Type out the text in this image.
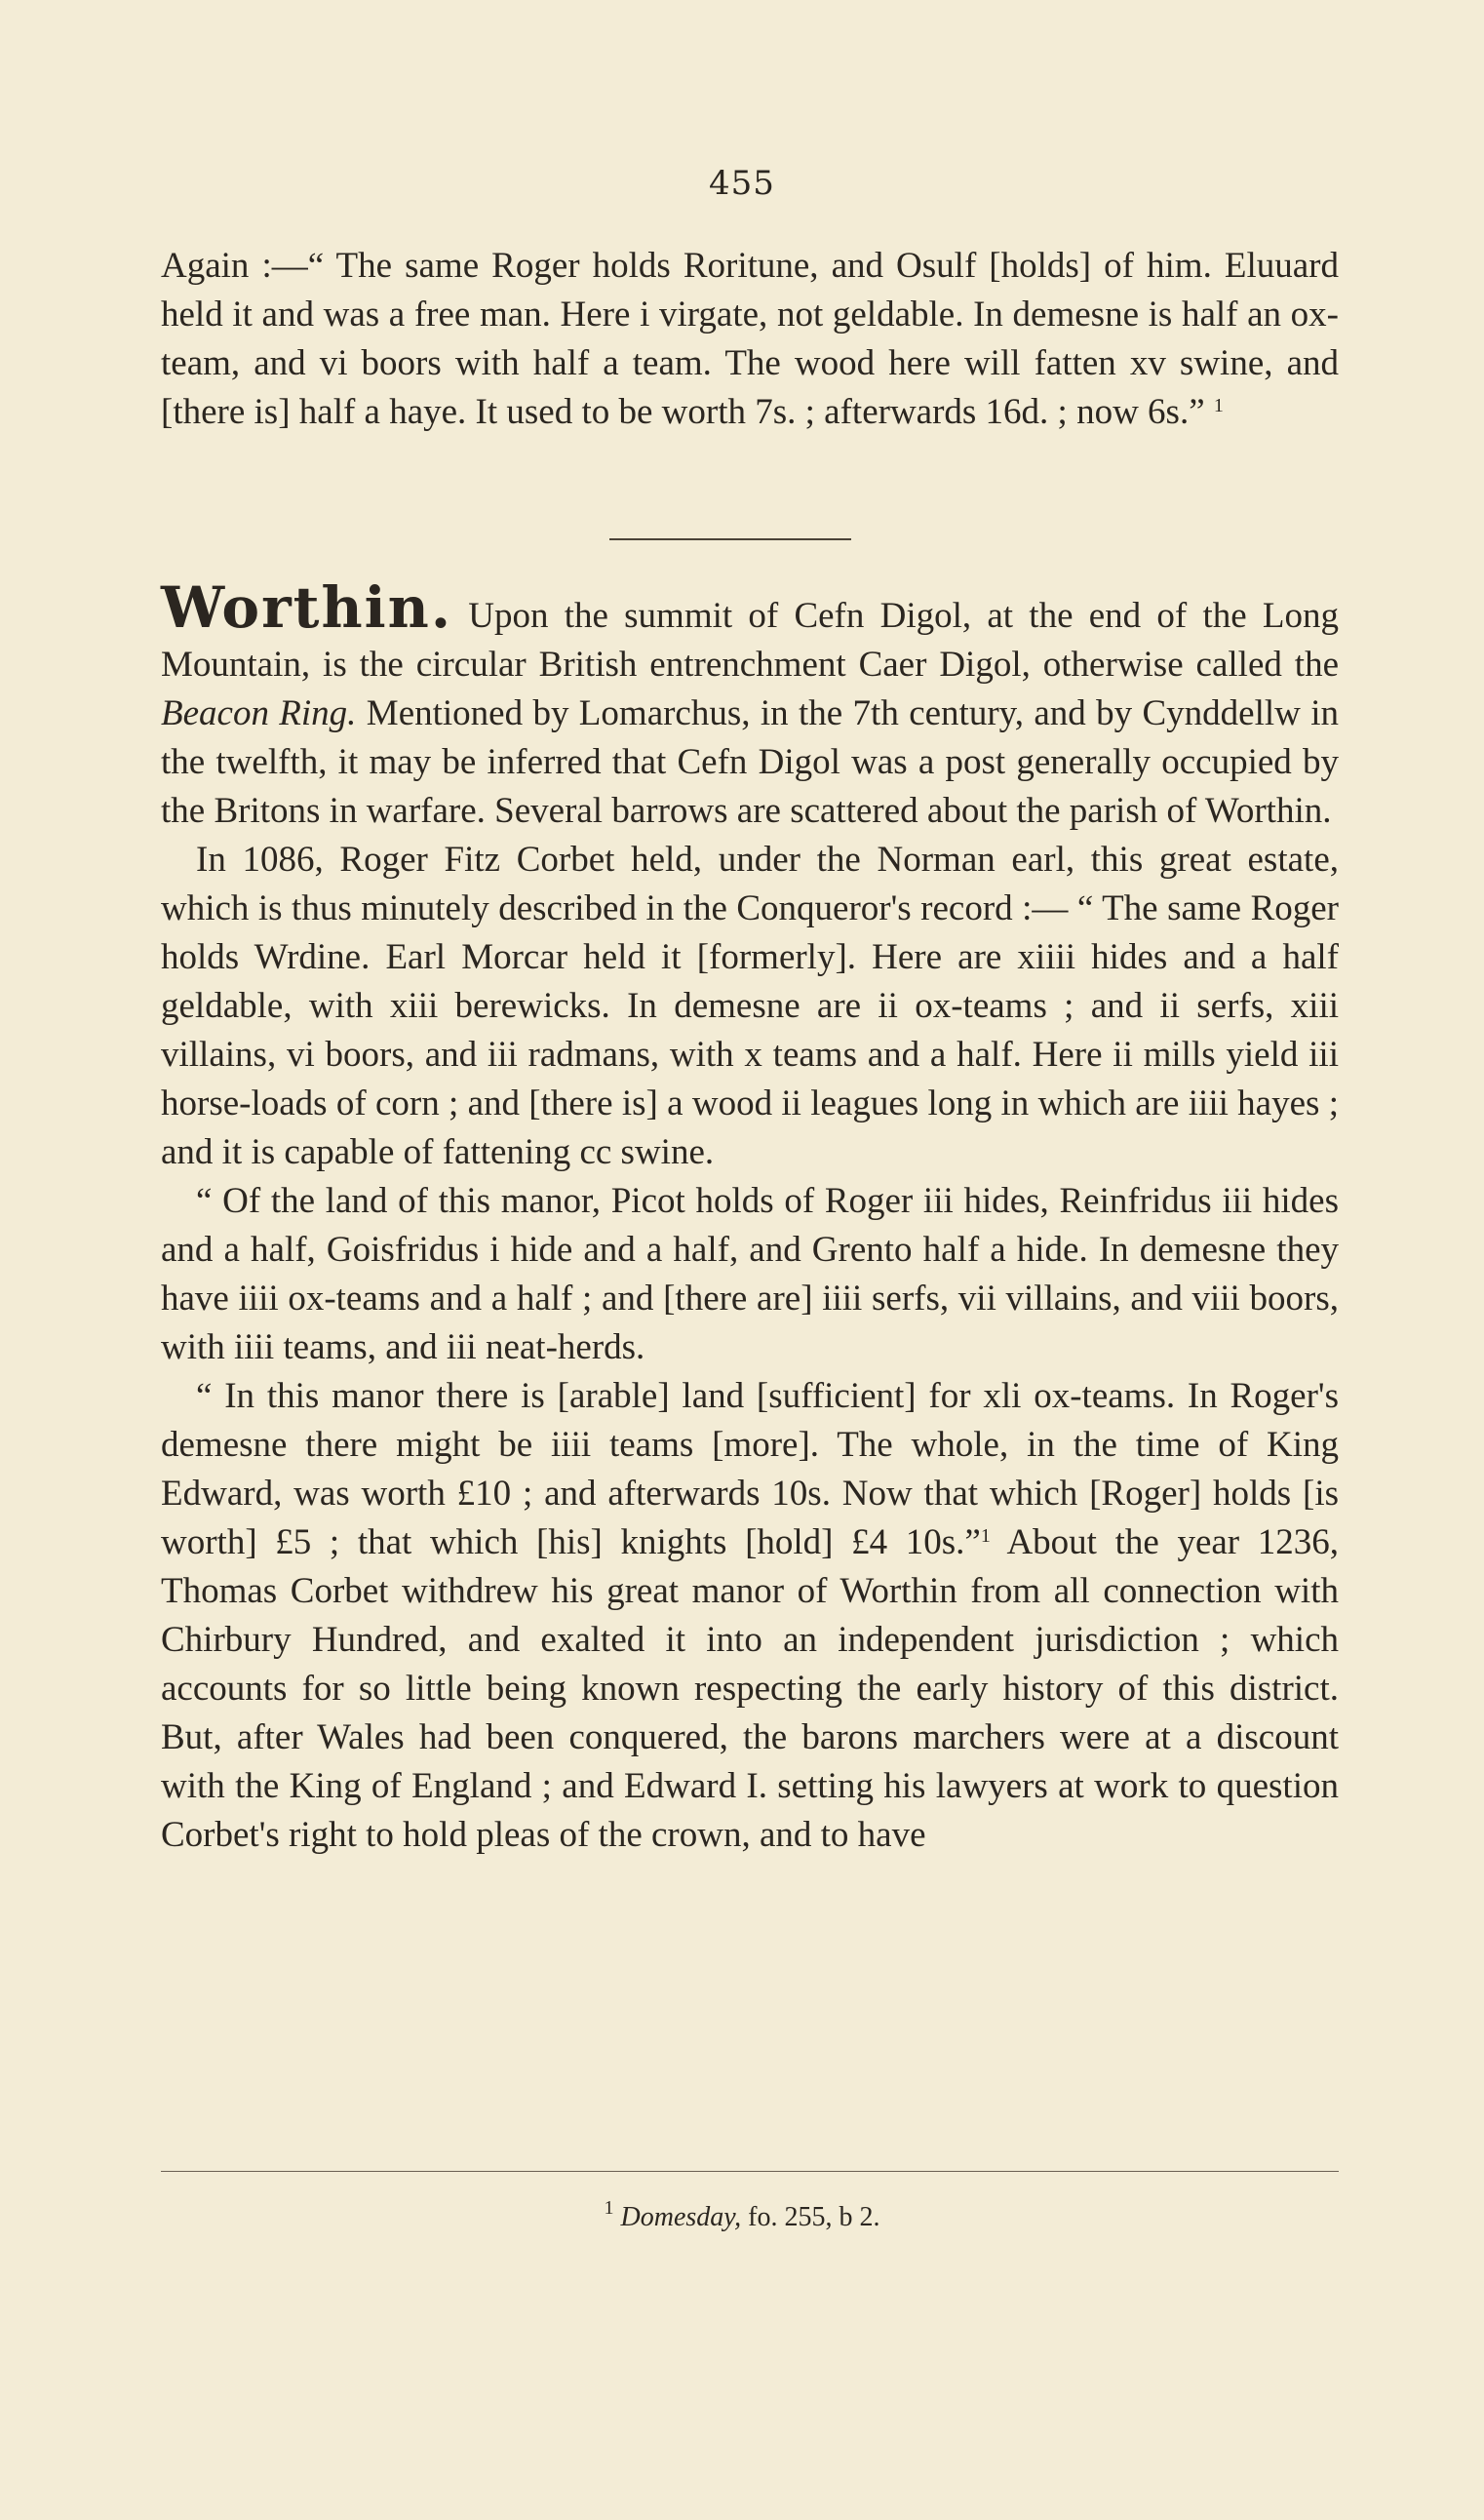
455

Again :—“ The same Roger holds Roritune, and Osulf [holds] of him. Eluuard held it and was a free man. Here i virgate, not geldable. In demesne is half an ox-team, and vi boors with half a team. The wood here will fatten xv swine, and [there is] half a haye. It used to be worth 7s. ; afterwards 16d. ; now 6s.” $^1$

Worthin. Upon the summit of Cefn Digol, at the end of the Long Mountain, is the circular British entrenchment Caer Digol, otherwise called the Beacon Ring. Mentioned by Lomarchus, in the 7th century, and by Cynddellw in the twelfth, it may be inferred that Cefn Digol was a post generally occupied by the Britons in warfare. Several barrows are scattered about the parish of Worthin.

In 1086, Roger Fitz Corbet held, under the Norman earl, this great estate, which is thus minutely described in the Conqueror's record :— “ The same Roger holds Wrdine. Earl Morcar held it [formerly]. Here are xiiii hides and a half geldable, with xiii berewicks. In demesne are ii ox-teams ; and ii serfs, xiii villains, vi boors, and iii radmans, with x teams and a half. Here ii mills yield iii horse-loads of corn ; and [there is] a wood ii leagues long in which are iiii hayes ; and it is capable of fattening cc swine.

“ Of the land of this manor, Picot holds of Roger iii hides, Reinfridus iii hides and a half, Goisfridus i hide and a half, and Grento half a hide. In demesne they have iiii ox-teams and a half ; and [there are] iiii serfs, vii villains, and viii boors, with iiii teams, and iii neat-herds.

“ In this manor there is [arable] land [sufficient] for xli ox-teams. In Roger's demesne there might be iiii teams [more]. The whole, in the time of King Edward, was worth £10 ; and afterwards 10s. Now that which [Roger] holds [is worth] £5 ; that which [his] knights [hold] £4 10s.”$^1$ About the year 1236, Thomas Corbet withdrew his great manor of Worthin from all connection with Chirbury Hundred, and exalted it into an independent jurisdiction ; which accounts for so little being known respecting the early history of this district. But, after Wales had been conquered, the barons marchers were at a discount with the King of England ; and Edward I. setting his lawyers at work to question Corbet's right to hold pleas of the crown, and to have

$^1$ Domesday, fo. 255, b 2.
